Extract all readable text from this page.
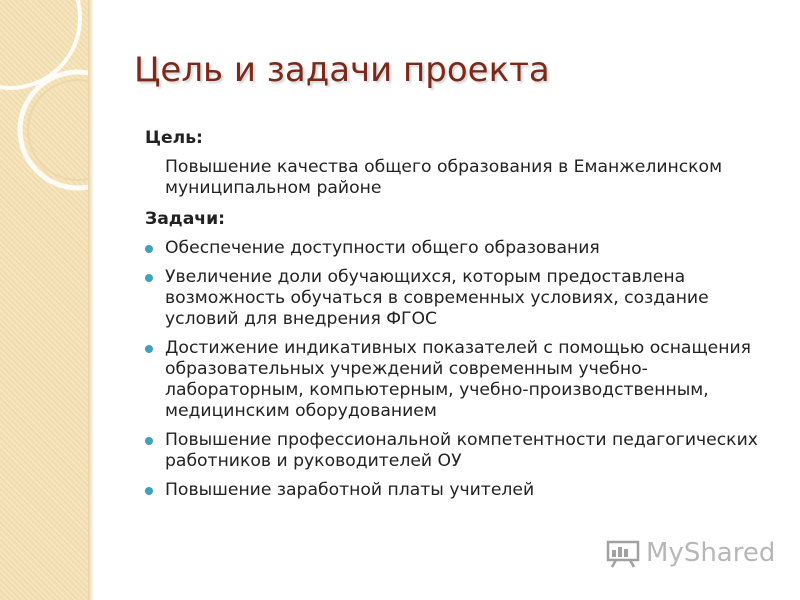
Цель и задачи проекта
Цель:
Повышение качества общего образования в Еманжелинском муниципальном районе
Задачи:
Обеспечение доступности общего образования
Увеличение доли обучающихся, которым предоставлена возможность обучаться в современных условиях, создание условий для внедрения ФГОС
Достижение индикативных показателей с помощью оснащения образовательных учреждений современным учебно-лабораторным, компьютерным, учебно-производственным, медицинским оборудованием
Повышение профессиональной компетентности педагогических работников и руководителей ОУ
Повышение заработной платы учителей
MyShared
